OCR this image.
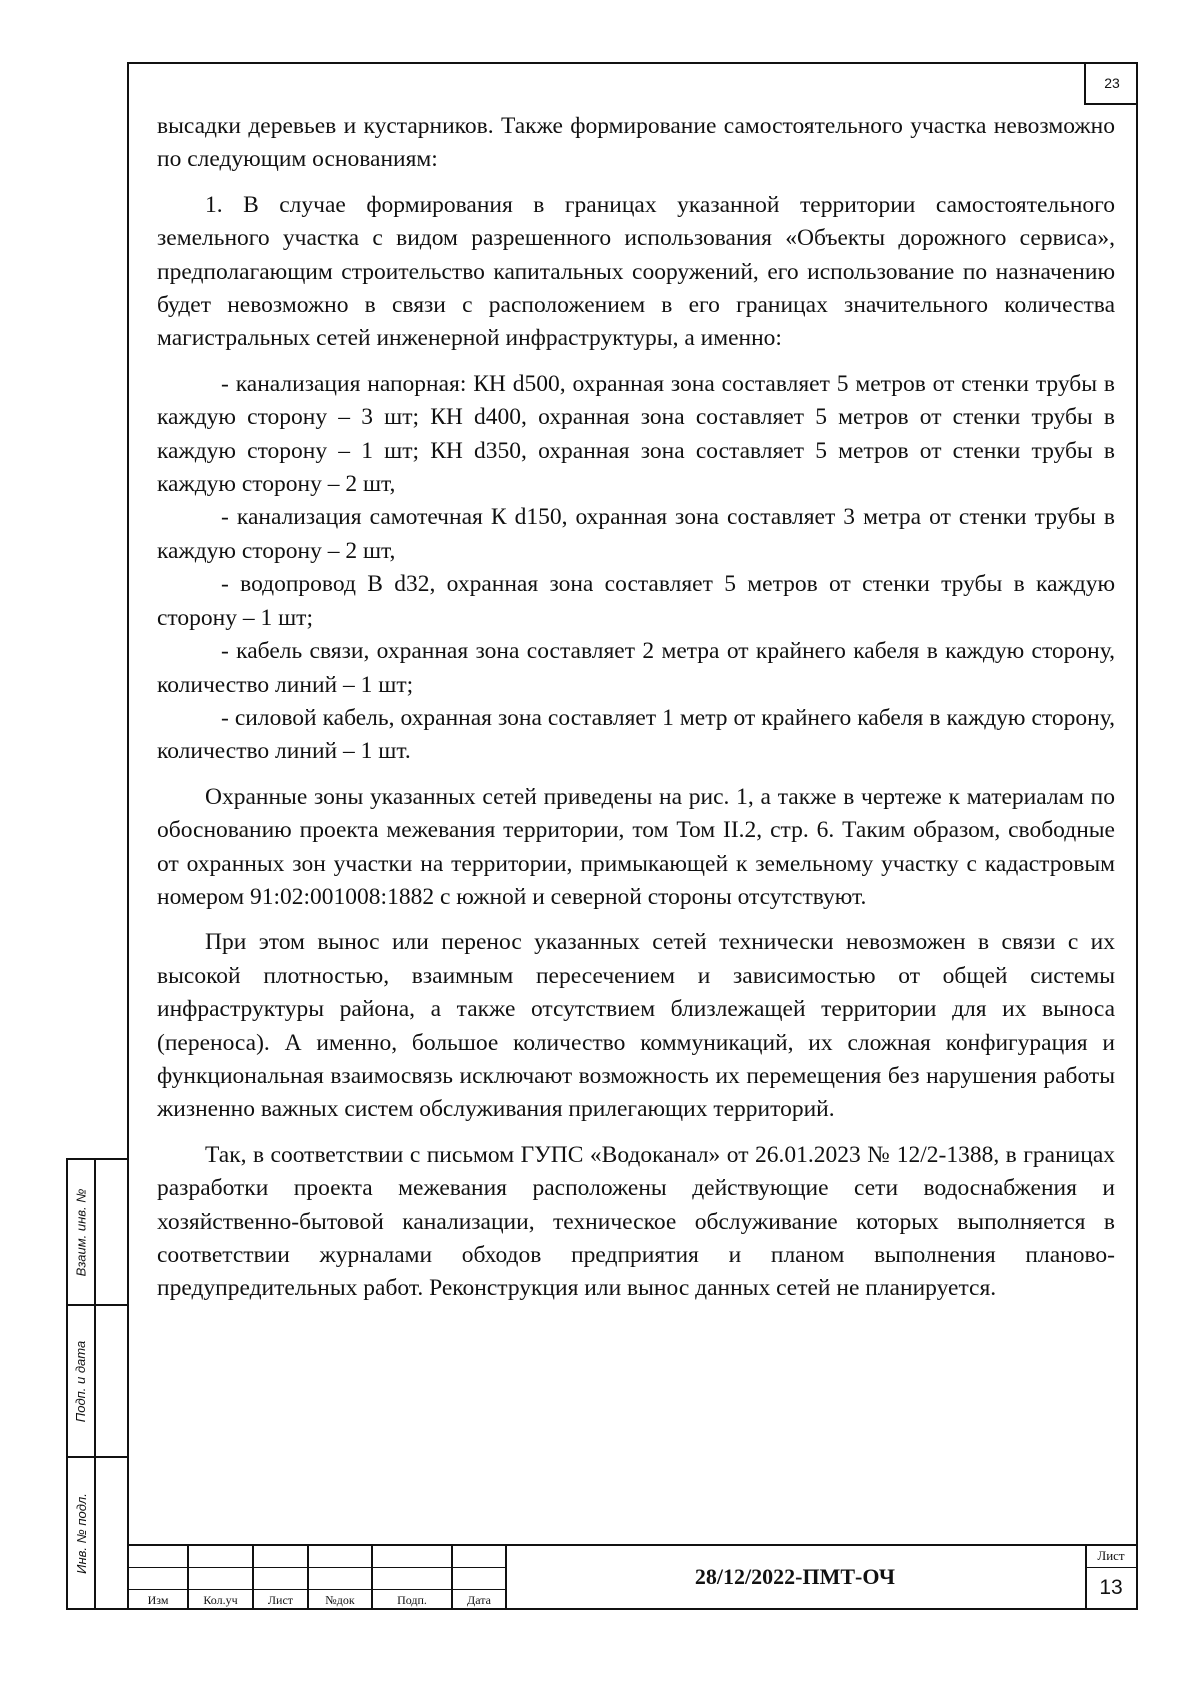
23

высадки деревьев и кустарников. Также формирование самостоятельного участка невозможно по следующим основаниям:

1. В случае формирования в границах указанной территории самостоятельного земельного участка с видом разрешенного использования «Объекты дорожного сервиса», предполагающим строительство капитальных сооружений, его использование по назначению будет невозможно в связи с расположением в его границах значительного количества магистральных сетей инженерной инфраструктуры, а именно:

- канализация напорная: КН d500, охранная зона составляет 5 метров от стенки трубы в каждую сторону – 3 шт; КН d400, охранная зона составляет 5 метров от стенки трубы в каждую сторону – 1 шт; КН d350, охранная зона составляет 5 метров от стенки трубы в каждую сторону – 2 шт,

- канализация самотечная К d150, охранная зона составляет 3 метра от стенки трубы в каждую сторону – 2 шт,

- водопровод В d32, охранная зона составляет 5 метров от стенки трубы в каждую сторону – 1 шт;

- кабель связи, охранная зона составляет 2 метра от крайнего кабеля в каждую сторону, количество линий – 1 шт;

- силовой кабель, охранная зона составляет 1 метр от крайнего кабеля в каждую сторону, количество линий – 1 шт.

Охранные зоны указанных сетей приведены на рис. 1, а также в чертеже к материалам по обоснованию проекта межевания территории, том Том II.2, стр. 6. Таким образом, свободные от охранных зон участки на территории, примыкающей к земельному участку с кадастровым номером 91:02:001008:1882 с южной и северной стороны отсутствуют.

При этом вынос или перенос указанных сетей технически невозможен в связи с их высокой плотностью, взаимным пересечением и зависимостью от общей системы инфраструктуры района, а также отсутствием близлежащей территории для их выноса (переноса). А именно, большое количество коммуникаций, их сложная конфигурация и функциональная взаимосвязь исключают возможность их перемещения без нарушения работы жизненно важных систем обслуживания прилегающих территорий.

Так, в соответствии с письмом ГУПС «Водоканал» от 26.01.2023 № 12/2-1388, в границах разработки проекта межевания расположены действующие сети водоснабжения и хозяйственно-бытовой канализации, техническое обслуживание которых выполняется в соответствии журналами обходов предприятия и планом выполнения планово-предупредительных работ. Реконструкция или вынос данных сетей не планируется.

Взаим. инв. №
Подп. и дата
Инв. № подл.
Изм	Кол.уч	Лист	№док	Подп.	Дата
28/12/2022-ПМТ-ОЧ
Лист
13
